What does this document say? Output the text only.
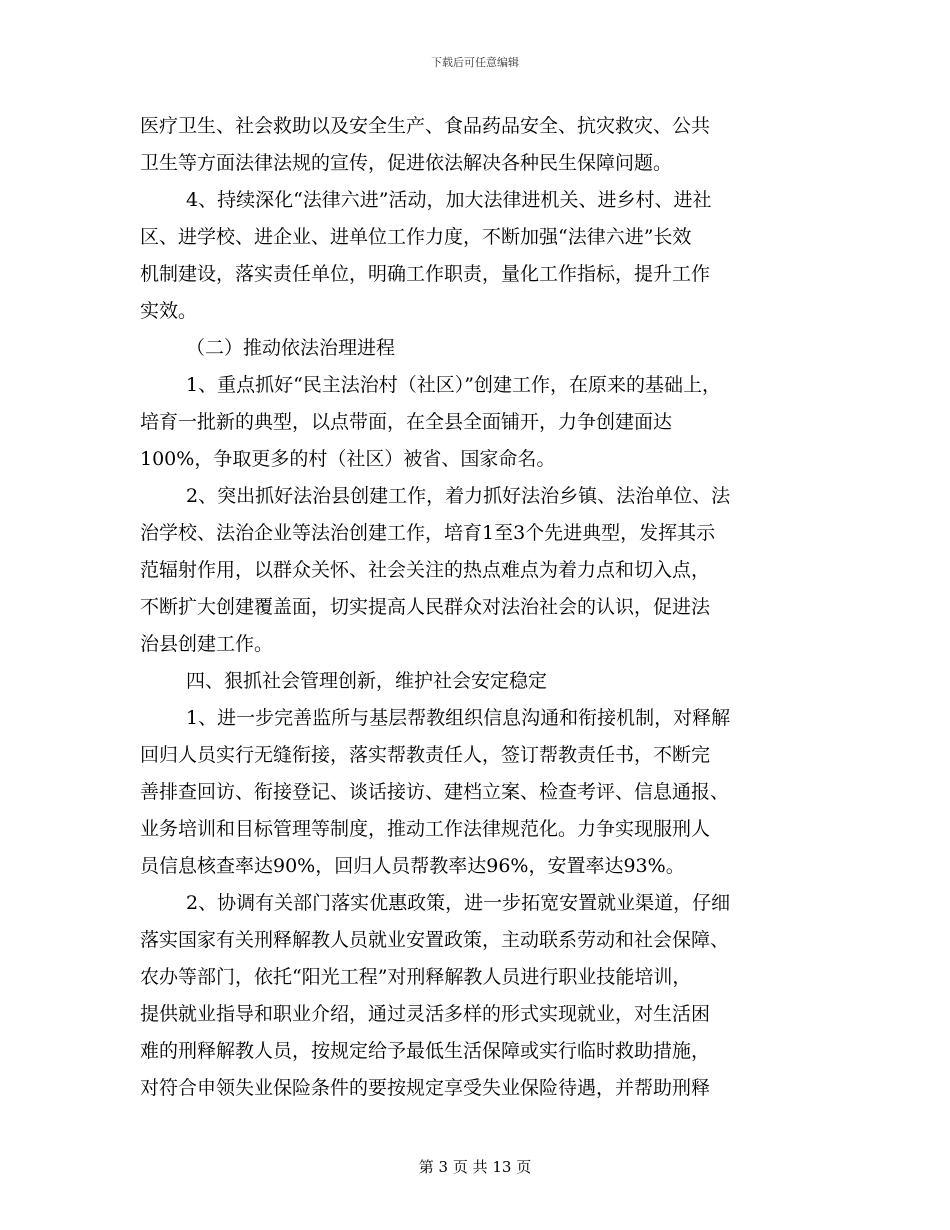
下载后可任意编辑
医疗卫生、社会救助以及安全生产、食品药品安全、抗灾救灾、公共
卫生等方面法律法规的宣传，促进依法解决各种民生保障问题。
4、持续深化“法律六进”活动，加大法律进机关、进乡村、进社
区、进学校、进企业、进单位工作力度，不断加强“法律六进”长效
机制建设，落实责任单位，明确工作职责，量化工作指标，提升工作
实效。
（二）推动依法治理进程
1、重点抓好“民主法治村（社区）”创建工作，在原来的基础上，
培育一批新的典型，以点带面，在全县全面铺开，力争创建面达
100%，争取更多的村（社区）被省、国家命名。
2、突出抓好法治县创建工作，着力抓好法治乡镇、法治单位、法
治学校、法治企业等法治创建工作，培育1至3个先进典型，发挥其示
范辐射作用，以群众关怀、社会关注的热点难点为着力点和切入点，
不断扩大创建覆盖面，切实提高人民群众对法治社会的认识，促进法
治县创建工作。
四、狠抓社会管理创新，维护社会安定稳定
1、进一步完善监所与基层帮教组织信息沟通和衔接机制，对释解
回归人员实行无缝衔接，落实帮教责任人，签订帮教责任书，不断完
善排查回访、衔接登记、谈话接访、建档立案、检查考评、信息通报、
业务培训和目标管理等制度，推动工作法律规范化。力争实现服刑人
员信息核查率达90%，回归人员帮教率达96%，安置率达93%。
2、协调有关部门落实优惠政策，进一步拓宽安置就业渠道，仔细
落实国家有关刑释解教人员就业安置政策，主动联系劳动和社会保障、
农办等部门，依托“阳光工程”对刑释解教人员进行职业技能培训，
提供就业指导和职业介绍，通过灵活多样的形式实现就业，对生活困
难的刑释解教人员，按规定给予最低生活保障或实行临时救助措施，
对符合申领失业保险条件的要按规定享受失业保险待遇，并帮助刑释
第 3 页 共 13 页
